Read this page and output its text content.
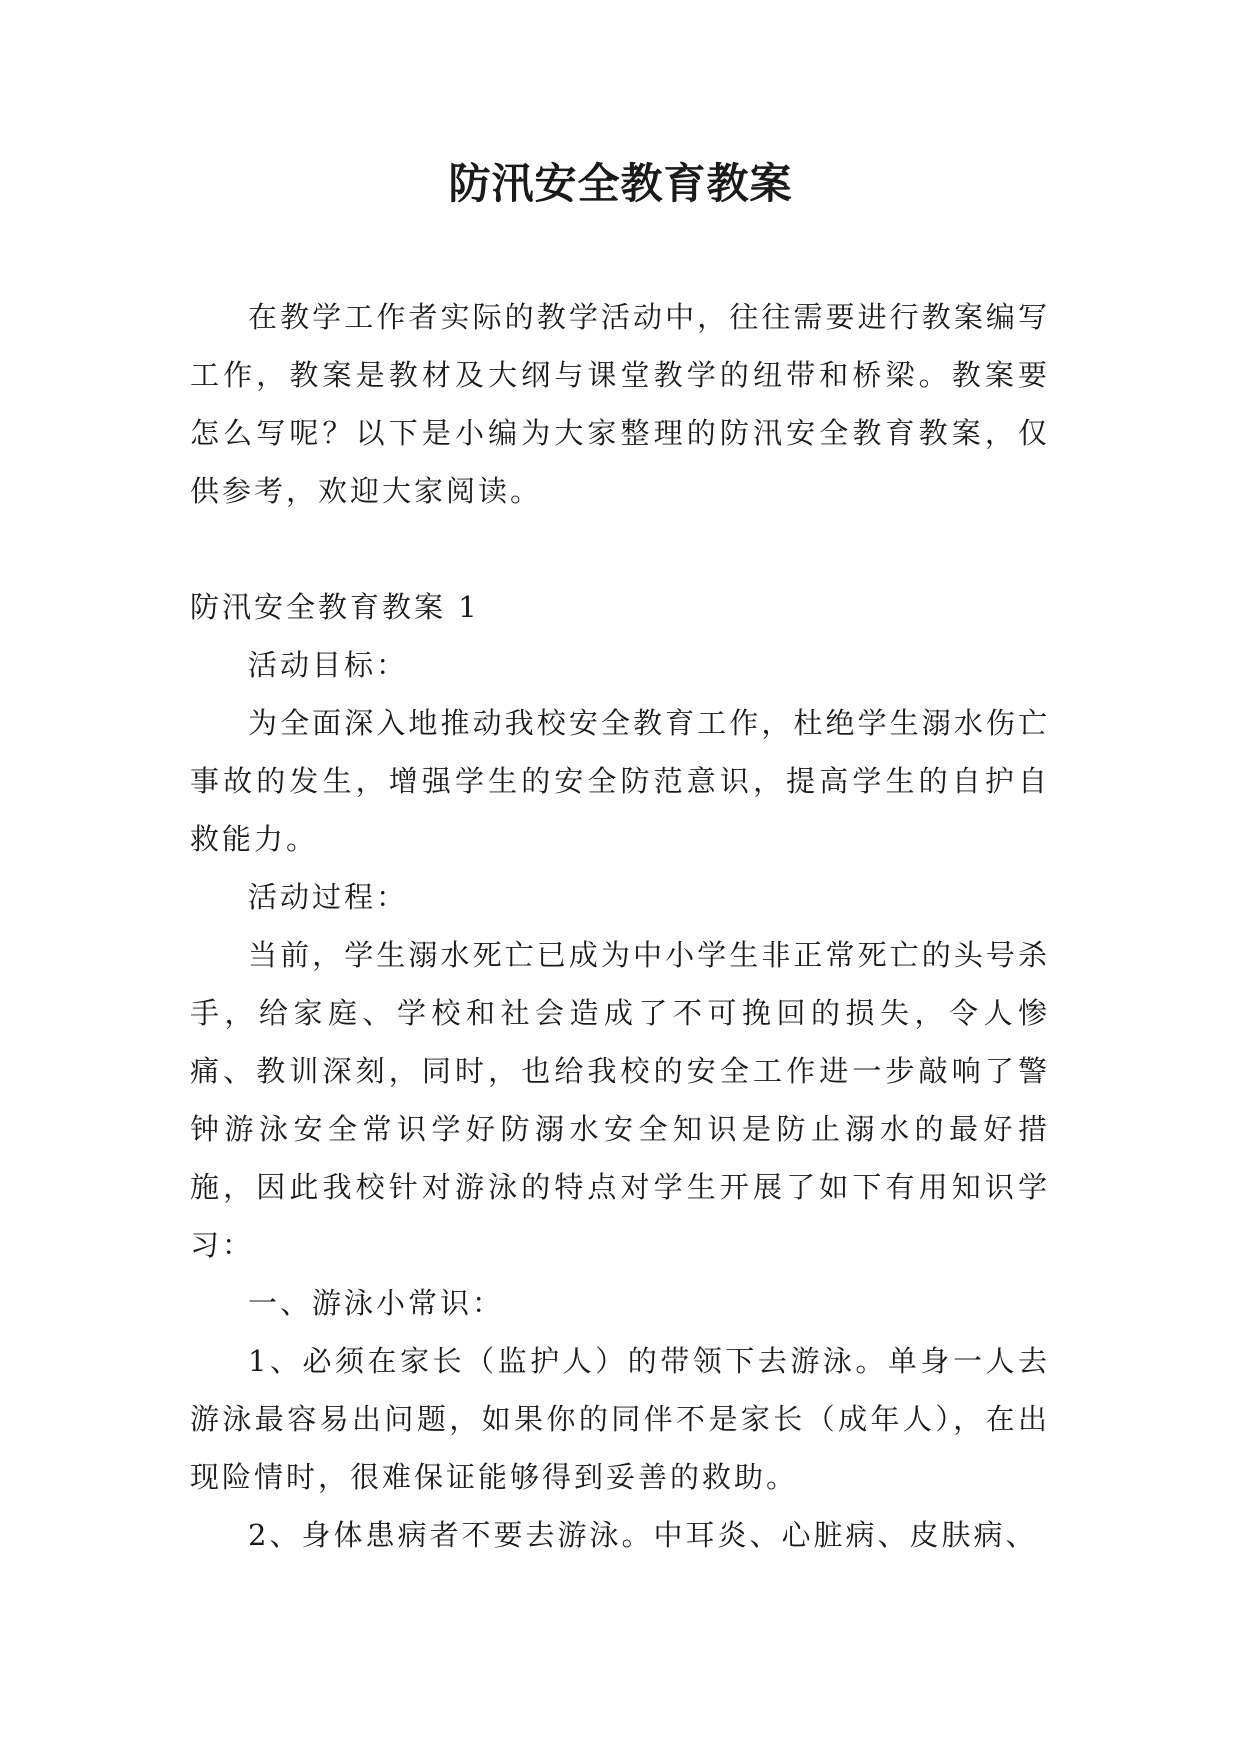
防汛安全教育教案

在教学工作者实际的教学活动中，往往需要进行教案编写工作，教案是教材及大纲与课堂教学的纽带和桥梁。教案要怎么写呢？以下是小编为大家整理的防汛安全教育教案，仅供参考，欢迎大家阅读。

防汛安全教育教案 1

活动目标：

为全面深入地推动我校安全教育工作，杜绝学生溺水伤亡事故的发生，增强学生的安全防范意识，提高学生的自护自救能力。

活动过程：

当前，学生溺水死亡已成为中小学生非正常死亡的头号杀手，给家庭、学校和社会造成了不可挽回的损失，令人惨痛、教训深刻，同时，也给我校的安全工作进一步敲响了警钟游泳安全常识学好防溺水安全知识是防止溺水的最好措施，因此我校针对游泳的特点对学生开展了如下有用知识学习：

一、游泳小常识：

1、必须在家长（监护人）的带领下去游泳。单身一人去游泳最容易出问题，如果你的同伴不是家长（成年人），在出现险情时，很难保证能够得到妥善的救助。

2、身体患病者不要去游泳。中耳炎、心脏病、皮肤病、
